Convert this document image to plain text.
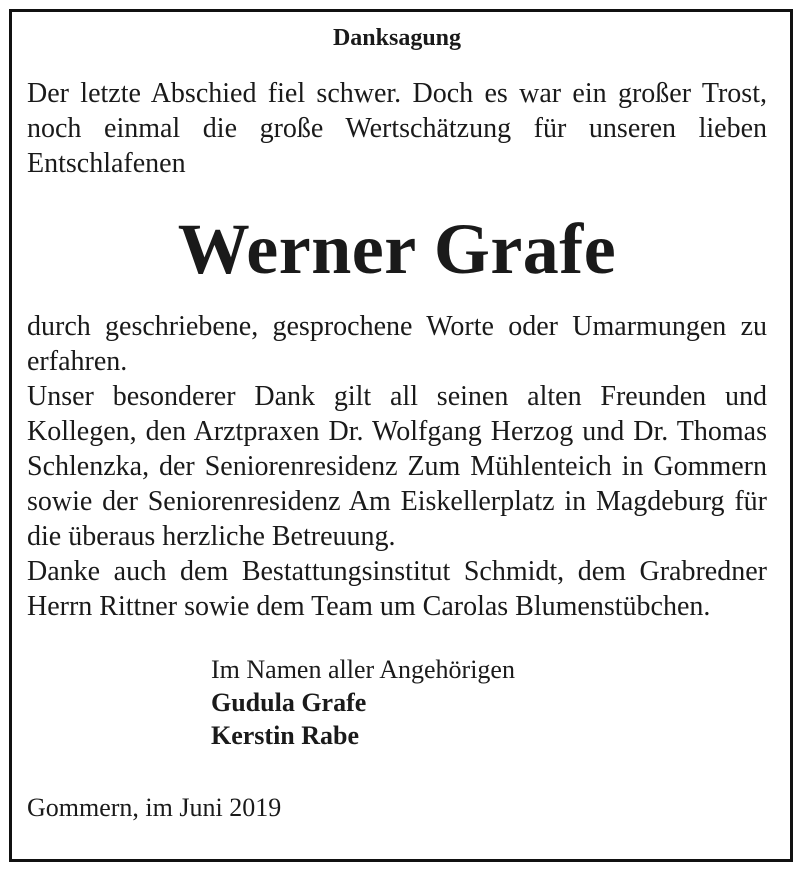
Danksagung

Der letzte Abschied fiel schwer. Doch es war ein großer Trost, noch einmal die große Wertschätzung für unseren lieben Entschlafenen

Werner Grafe

durch geschriebene, gesprochene Worte oder Umarmungen zu erfahren.

Unser besonderer Dank gilt all seinen alten Freunden und Kollegen, den Arztpraxen Dr. Wolfgang Herzog und Dr. Thomas Schlenzka, der Seniorenresidenz Zum Mühlenteich in Gommern sowie der Seniorenresidenz Am Eiskellerplatz in Magdeburg für die überaus herzliche Betreuung.

Danke auch dem Bestattungsinstitut Schmidt, dem Grabredner Herrn Rittner sowie dem Team um Carolas Blumenstübchen.

Im Namen aller Angehörigen
Gudula Grafe
Kerstin Rabe
Gommern, im Juni 2019
